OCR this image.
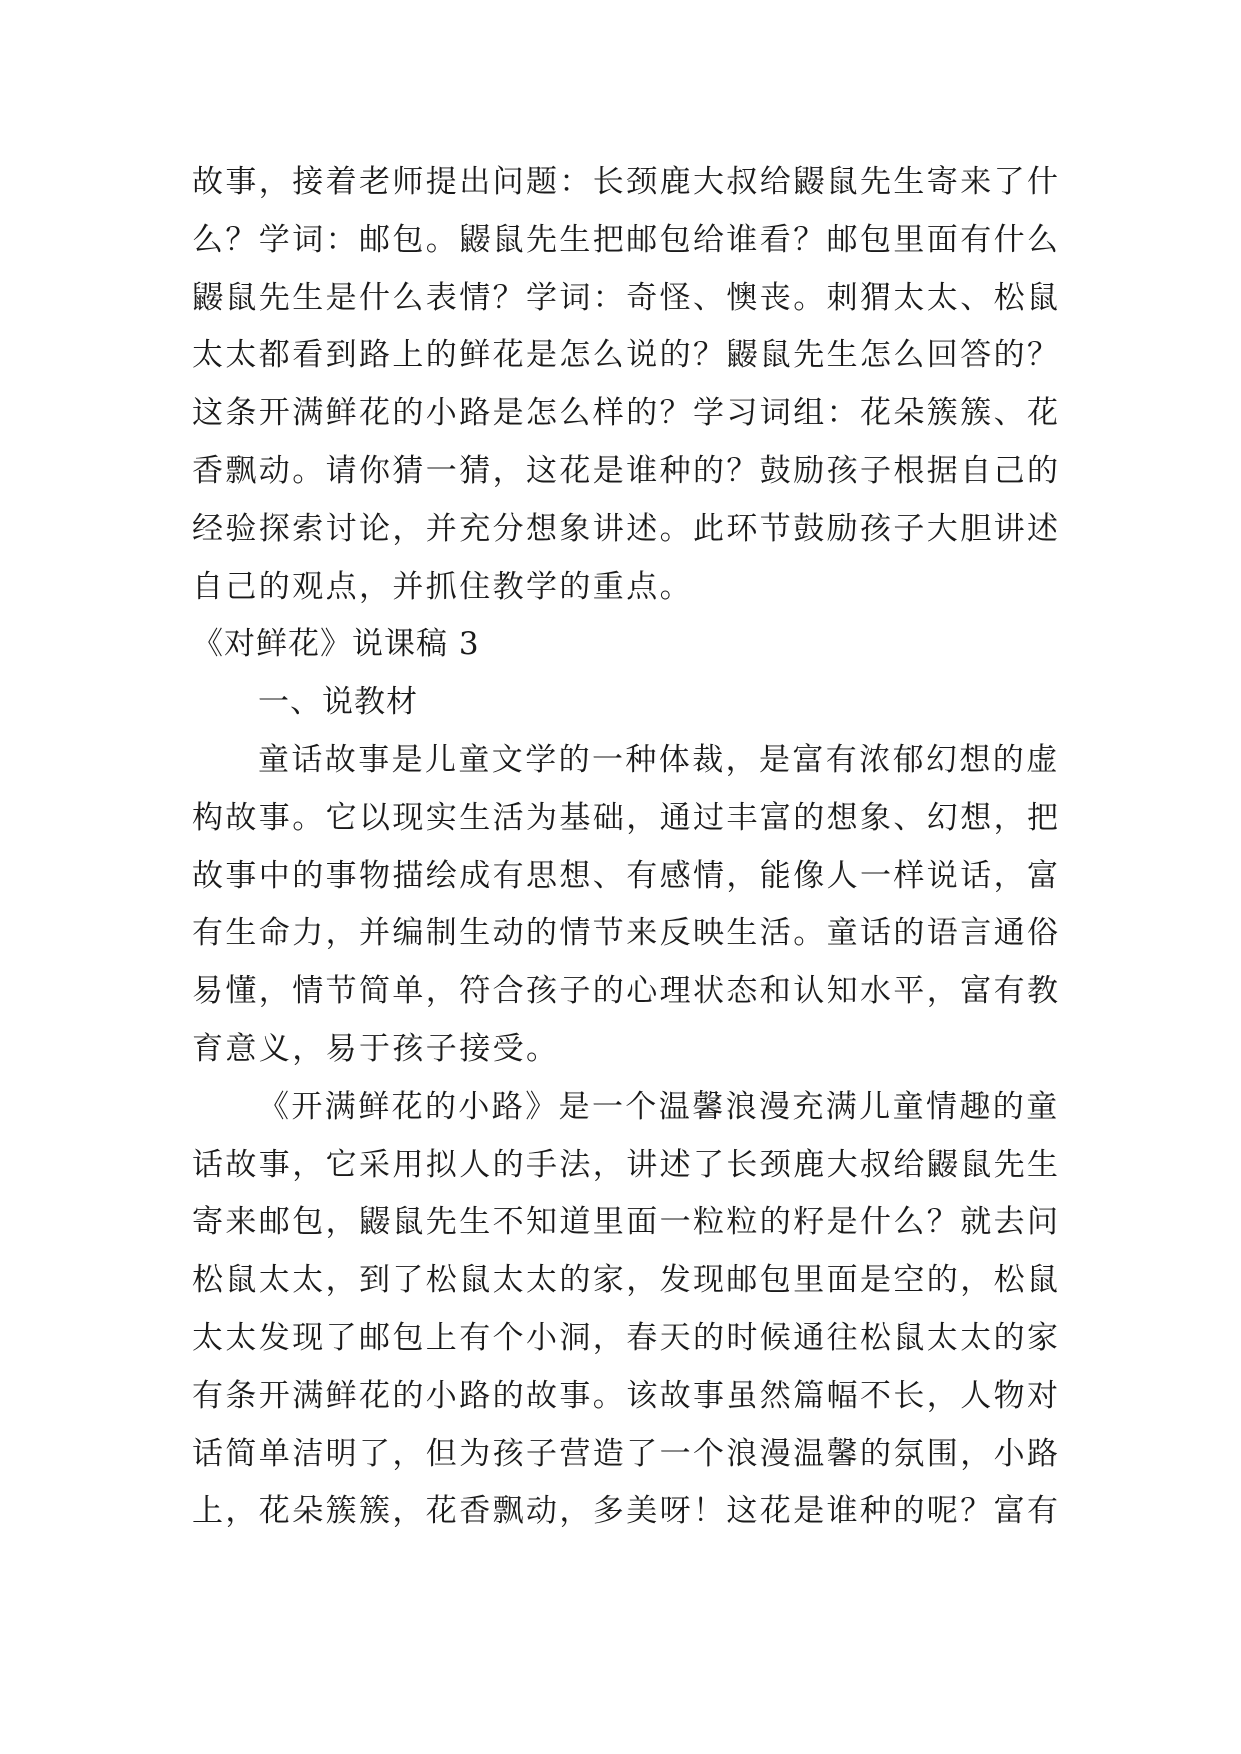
故事，接着老师提出问题：长颈鹿大叔给鼹鼠先生寄来了什
么？学词：邮包。鼹鼠先生把邮包给谁看？邮包里面有什么
鼹鼠先生是什么表情？学词：奇怪、懊丧。刺猬太太、松鼠
太太都看到路上的鲜花是怎么说的？鼹鼠先生怎么回答的？
这条开满鲜花的小路是怎么样的？学习词组：花朵簇簇、花
香飘动。请你猜一猜，这花是谁种的？鼓励孩子根据自己的
经验探索讨论，并充分想象讲述。此环节鼓励孩子大胆讲述
自己的观点，并抓住教学的重点。
《对鲜花》说课稿 3
一、说教材
童话故事是儿童文学的一种体裁，是富有浓郁幻想的虚
构故事。它以现实生活为基础，通过丰富的想象、幻想，把
故事中的事物描绘成有思想、有感情，能像人一样说话，富
有生命力，并编制生动的情节来反映生活。童话的语言通俗
易懂，情节简单，符合孩子的心理状态和认知水平，富有教
育意义，易于孩子接受。
《开满鲜花的小路》是一个温馨浪漫充满儿童情趣的童
话故事，它采用拟人的手法，讲述了长颈鹿大叔给鼹鼠先生
寄来邮包，鼹鼠先生不知道里面一粒粒的籽是什么？就去问
松鼠太太，到了松鼠太太的家，发现邮包里面是空的，松鼠
太太发现了邮包上有个小洞，春天的时候通往松鼠太太的家
有条开满鲜花的小路的故事。该故事虽然篇幅不长，人物对
话简单洁明了，但为孩子营造了一个浪漫温馨的氛围，小路
上，花朵簇簇，花香飘动，多美呀！这花是谁种的呢？富有
